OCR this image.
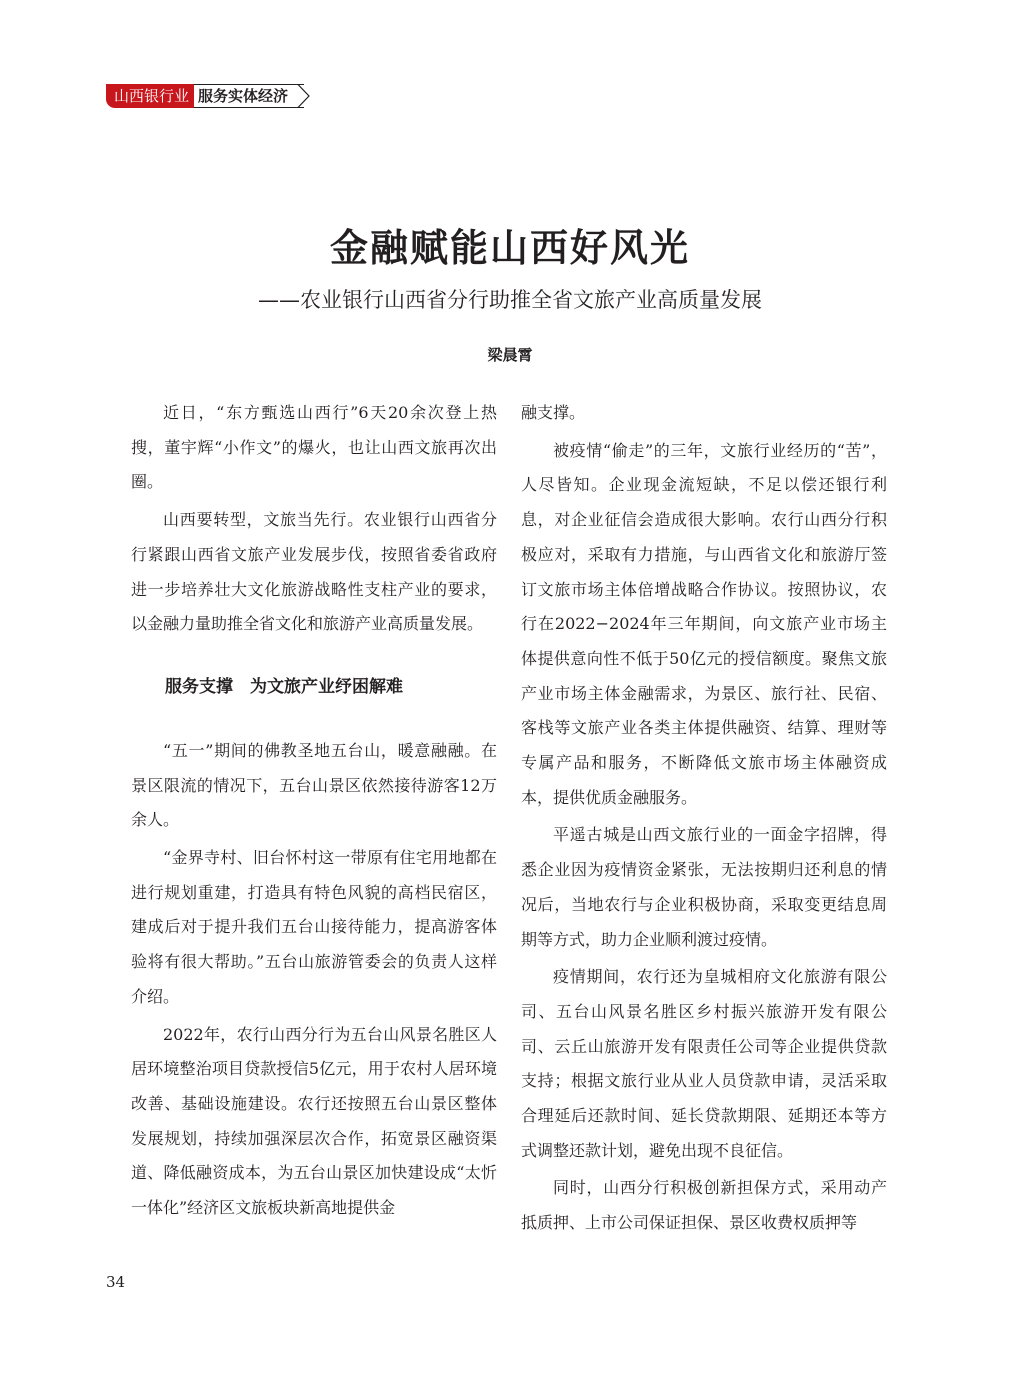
山西银行业 服务实体经济
金融赋能山西好风光
——农业银行山西省分行助推全省文旅产业高质量发展
梁晨霄

近日，“东方甄选山西行”6天20余次登上热搜，董宇辉“小作文”的爆火，也让山西文旅再次出圈。

山西要转型，文旅当先行。农业银行山西省分行紧跟山西省文旅产业发展步伐，按照省委省政府进一步培养壮大文化旅游战略性支柱产业的要求，以金融力量助推全省文化和旅游产业高质量发展。

服务支撑　为文旅产业纾困解难

“五一”期间的佛教圣地五台山，暖意融融。在景区限流的情况下，五台山景区依然接待游客12万余人。

“金界寺村、旧台怀村这一带原有住宅用地都在进行规划重建，打造具有特色风貌的高档民宿区，建成后对于提升我们五台山接待能力，提高游客体验将有很大帮助。”五台山旅游管委会的负责人这样介绍。

2022年，农行山西分行为五台山风景名胜区人居环境整治项目贷款授信5亿元，用于农村人居环境改善、基础设施建设。农行还按照五台山景区整体发展规划，持续加强深层次合作，拓宽景区融资渠道、降低融资成本，为五台山景区加快建设成“太忻一体化”经济区文旅板块新高地提供金

融支撑。

被疫情“偷走”的三年，文旅行业经历的“苦”，人尽皆知。企业现金流短缺，不足以偿还银行利息，对企业征信会造成很大影响。农行山西分行积极应对，采取有力措施，与山西省文化和旅游厅签订文旅市场主体倍增战略合作协议。按照协议，农行在2022−2024年三年期间，向文旅产业市场主体提供意向性不低于50亿元的授信额度。聚焦文旅产业市场主体金融需求，为景区、旅行社、民宿、客栈等文旅产业各类主体提供融资、结算、理财等专属产品和服务，不断降低文旅市场主体融资成本，提供优质金融服务。

平遥古城是山西文旅行业的一面金字招牌，得悉企业因为疫情资金紧张，无法按期归还利息的情况后，当地农行与企业积极协商，采取变更结息周期等方式，助力企业顺利渡过疫情。

疫情期间，农行还为皇城相府文化旅游有限公司、五台山风景名胜区乡村振兴旅游开发有限公司、云丘山旅游开发有限责任公司等企业提供贷款支持；根据文旅行业从业人员贷款申请，灵活采取合理延后还款时间、延长贷款期限、延期还本等方式调整还款计划，避免出现不良征信。

同时，山西分行积极创新担保方式，采用动产抵质押、上市公司保证担保、景区收费权质押等

34
